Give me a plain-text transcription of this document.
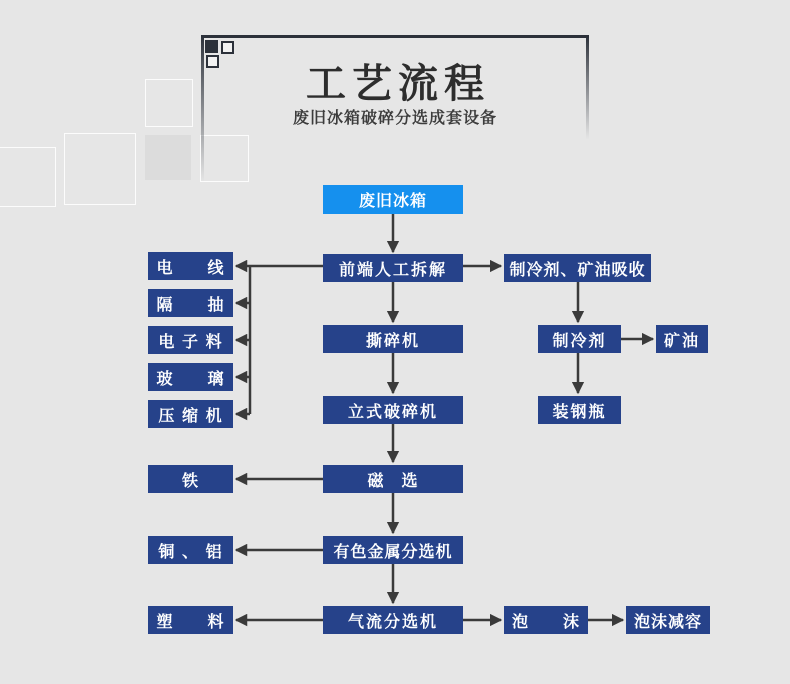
工艺流程
废旧冰箱破碎分选成套设备
废旧冰箱
前端人工拆解
撕碎机
立式破碎机
磁　选
有色金属分选机
气流分选机
电　　线
隔　　抽
电 子 料
玻　　璃
压 缩 机
铁
铜 、 铝
塑　　料
制冷剂、矿油吸收
制冷剂	矿油
装钢瓶
泡　　沫	泡沫减容
